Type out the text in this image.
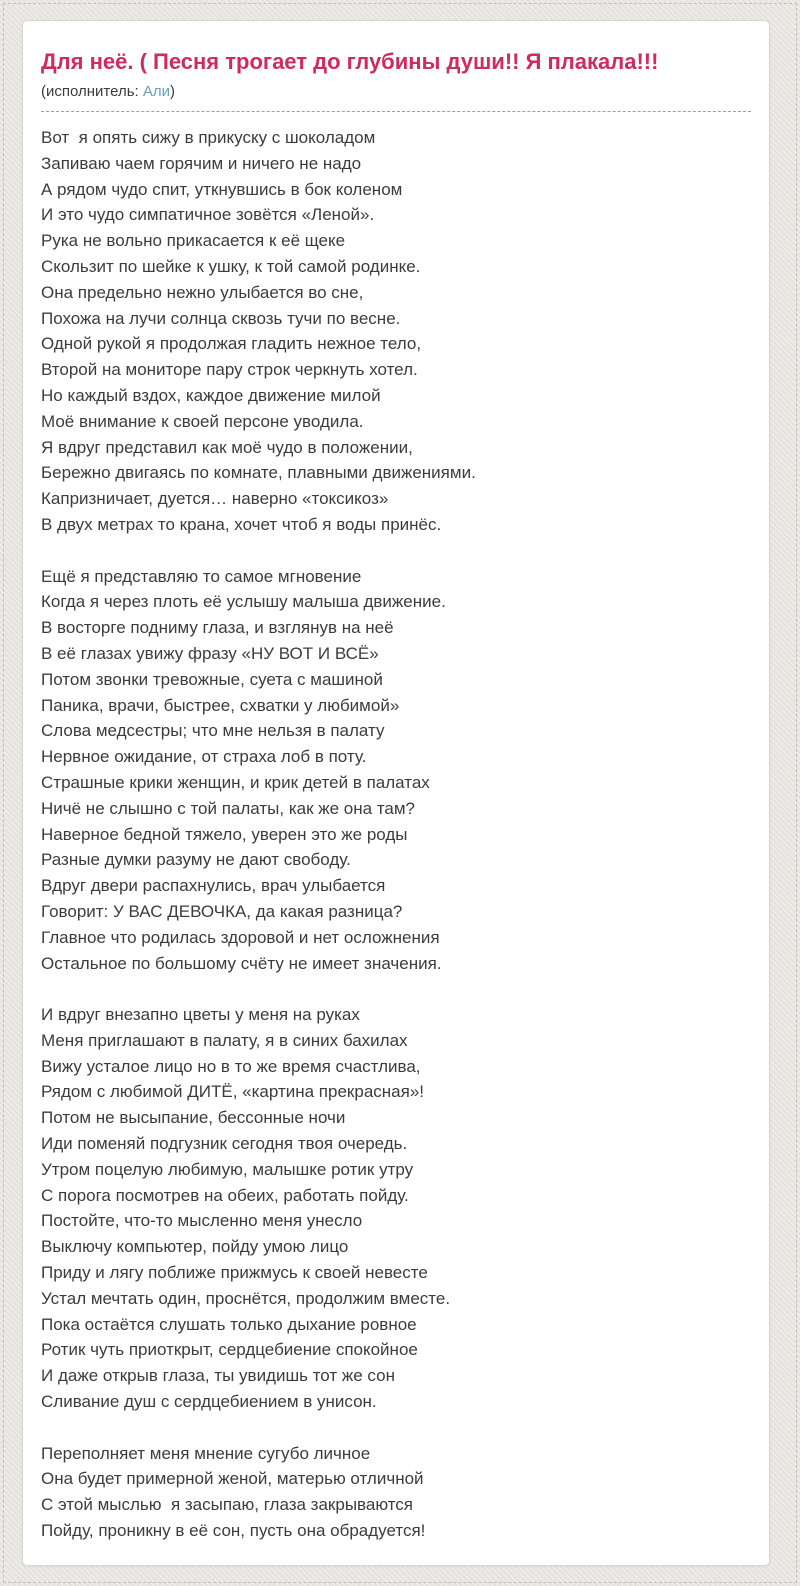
Для неё. ( Песня трогает до глубины души!! Я плакала!!!
(исполнитель: Али)

Вот  я опять сижу в прикуску с шоколадом
Запиваю чаем горячим и ничего не надо
А рядом чудо спит, уткнувшись в бок коленом
И это чудо симпатичное зовётся «Леной».
Рука не вольно прикасается к её щеке
Скользит по шейке к ушку, к той самой родинке.
Она предельно нежно улыбается во сне,
Похожа на лучи солнца сквозь тучи по весне.
Одной рукой я продолжая гладить нежное тело,
Второй на мониторе пару строк черкнуть хотел.
Но каждый вздох, каждое движение милой
Моё внимание к своей персоне уводила.
Я вдруг представил как моё чудо в положении,
Бережно двигаясь по комнате, плавными движениями.
Капризничает, дуется… наверно «токсикоз»
В двух метрах то крана, хочет чтоб я воды принёс.

Ещё я представляю то самое мгновение
Когда я через плоть её услышу малыша движение.
В восторге подниму глаза, и взглянув на неё
В её глазах увижу фразу «НУ ВОТ И ВСЁ»
Потом звонки тревожные, суета с машиной
Паника, врачи, быстрее, схватки у любимой»
Слова медсестры; что мне нельзя в палату
Нервное ожидание, от страха лоб в поту.
Страшные крики женщин, и крик детей в палатах
Ничё не слышно с той палаты, как же она там?
Наверное бедной тяжело, уверен это же роды
Разные думки разуму не дают свободу.
Вдруг двери распахнулись, врач улыбается
Говорит: У ВАС ДЕВОЧКА, да какая разница?
Главное что родилась здоровой и нет осложнения
Остальное по большому счёту не имеет значения.

И вдруг внезапно цветы у меня на руках
Меня приглашают в палату, я в синих бахилах
Вижу усталое лицо но в то же время счастлива,
Рядом с любимой ДИТЁ, «картина прекрасная»!
Потом не высыпание, бессонные ночи
Иди поменяй подгузник сегодня твоя очередь.
Утром поцелую любимую, малышке ротик утру
С порога посмотрев на обеих, работать пойду.
Постойте, что-то мысленно меня унесло
Выключу компьютер, пойду умою лицо
Приду и лягу поближе прижмусь к своей невесте
Устал мечтать один, проснётся, продолжим вместе.
Пока остаётся слушать только дыхание ровное
Ротик чуть приоткрыт, сердцебиение спокойное
И даже открыв глаза, ты увидишь тот же сон
Сливание душ с сердцебиением в унисон.

Переполняет меня мнение сугубо личное
Она будет примерной женой, матерью отличной
С этой мыслью  я засыпаю, глаза закрываются
Пойду, проникну в её сон, пусть она обрадуется!
